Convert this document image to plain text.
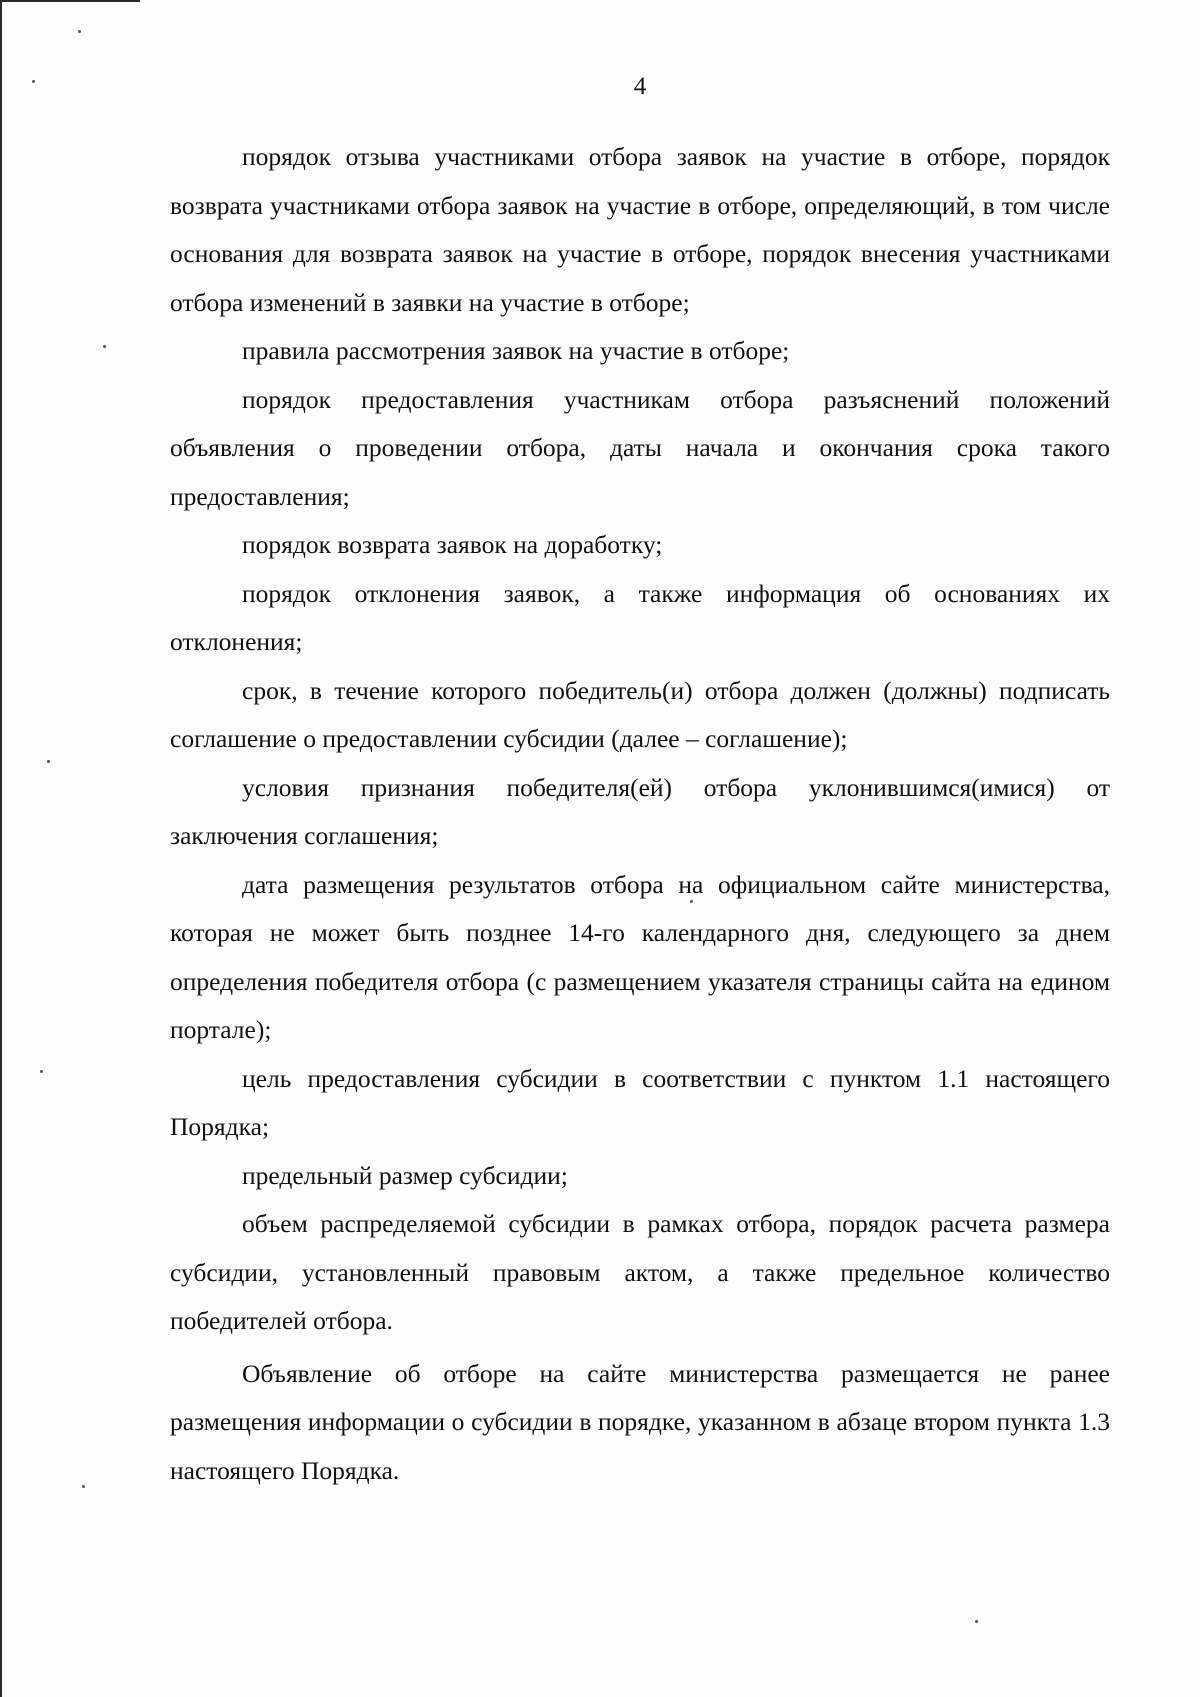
4

порядок отзыва участниками отбора заявок на участие в отборе, порядок возврата участниками отбора заявок на участие в отборе, определяющий, в том числе основания для возврата заявок на участие в отборе, порядок внесения участниками отбора изменений в заявки на участие в отборе;

правила рассмотрения заявок на участие в отборе;

порядок предоставления участникам отбора разъяснений положений объявления о проведении отбора, даты начала и окончания срока такого предоставления;

порядок возврата заявок на доработку;

порядок отклонения заявок, а также информация об основаниях их отклонения;

срок, в течение которого победитель(и) отбора должен (должны) подписать соглашение о предоставлении субсидии (далее – соглашение);

условия признания победителя(ей) отбора уклонившимся(имися) от заключения соглашения;

дата размещения результатов отбора на официальном сайте министерства, которая не может быть позднее 14-го календарного дня, следующего за днем определения победителя отбора (с размещением указателя страницы сайта на едином портале);

цель предоставления субсидии в соответствии с пунктом 1.1 настоящего Порядка;

предельный размер субсидии;

объем распределяемой субсидии в рамках отбора, порядок расчета размера субсидии, установленный правовым актом, а также предельное количество победителей отбора.

Объявление об отборе на сайте министерства размещается не ранее размещения информации о субсидии в порядке, указанном в абзаце втором пункта 1.3 настоящего Порядка.
